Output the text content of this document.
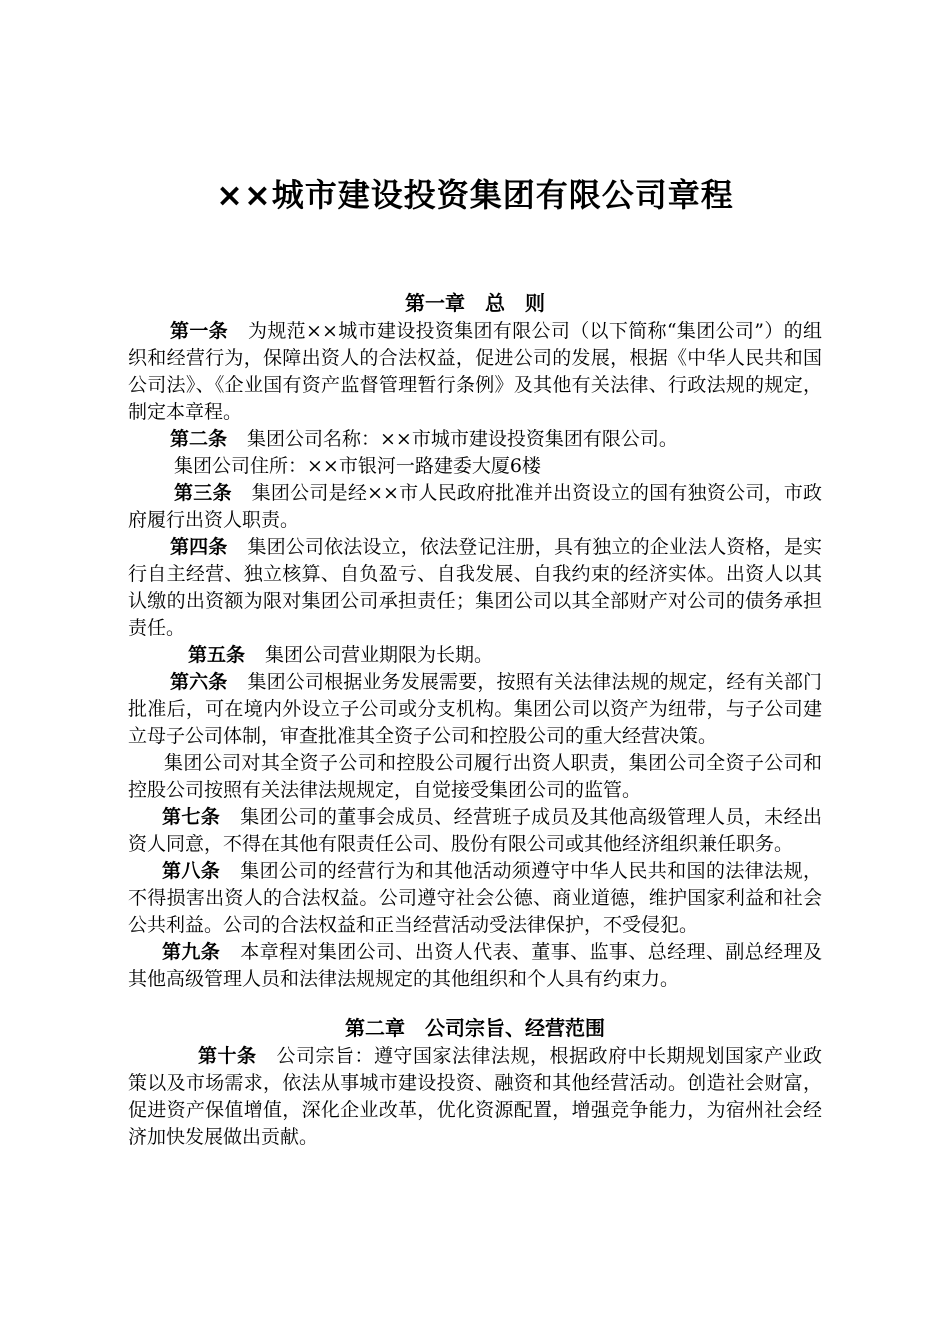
××城市建设投资集团有限公司章程
第一章　总　则

第一条 为规范××城市建设投资集团有限公司（以下简称“集团公司”）的组织和经营行为，保障出资人的合法权益，促进公司的发展，根据《中华人民共和国公司法》、《企业国有资产监督管理暂行条例》及其他有关法律、行政法规的规定，制定本章程。

第二条 集团公司名称：××市城市建设投资集团有限公司。

集团公司住所：××市银河一路建委大厦6楼

第三条 集团公司是经××市人民政府批准并出资设立的国有独资公司，市政府履行出资人职责。

第四条 集团公司依法设立，依法登记注册，具有独立的企业法人资格，是实行自主经营、独立核算、自负盈亏、自我发展、自我约束的经济实体。出资人以其认缴的出资额为限对集团公司承担责任；集团公司以其全部财产对公司的债务承担责任。

第五条 集团公司营业期限为长期。

第六条 集团公司根据业务发展需要，按照有关法律法规的规定，经有关部门批准后，可在境内外设立子公司或分支机构。集团公司以资产为纽带，与子公司建立母子公司体制，审查批准其全资子公司和控股公司的重大经营决策。

集团公司对其全资子公司和控股公司履行出资人职责，集团公司全资子公司和控股公司按照有关法律法规规定，自觉接受集团公司的监管。

第七条 集团公司的董事会成员、经营班子成员及其他高级管理人员，未经出资人同意，不得在其他有限责任公司、股份有限公司或其他经济组织兼任职务。

第八条 集团公司的经营行为和其他活动须遵守中华人民共和国的法律法规，不得损害出资人的合法权益。公司遵守社会公德、商业道德，维护国家利益和社会公共利益。公司的合法权益和正当经营活动受法律保护，不受侵犯。

第九条 本章程对集团公司、出资人代表、董事、监事、总经理、副总经理及其他高级管理人员和法律法规规定的其他组织和个人具有约束力。

第二章　公司宗旨、经营范围

第十条 公司宗旨：遵守国家法律法规，根据政府中长期规划国家产业政策以及市场需求，依法从事城市建设投资、融资和其他经营活动。创造社会财富，促进资产保值增值，深化企业改革，优化资源配置，增强竞争能力，为宿州社会经济加快发展做出贡献。
